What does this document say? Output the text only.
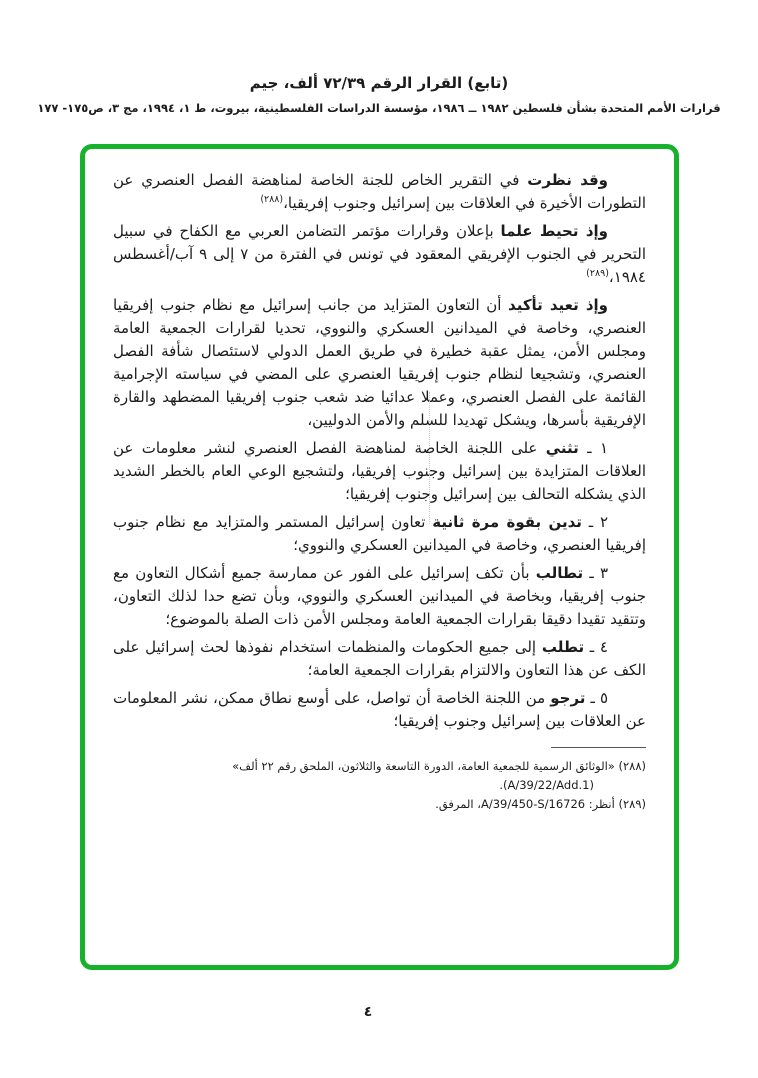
(تابع) القرار الرقم ٧٢/٣٩ ألف، جيم
قرارات الأمم المتحدة بشأن فلسطين ١٩٨٢ ــ ١٩٨٦، مؤسسة الدراسات الفلسطينية، بيروت، ط ١، ١٩٩٤، مج ٣، ص١٧٥- ١٧٧

وقد نظرت في التقرير الخاص للجنة الخاصة لمناهضة الفصل العنصري عن التطورات الأخيرة في العلاقات بين إسرائيل وجنوب إفريقيا،$^{(٢٨٨)}$

وإذ تحيط علما بإعلان وقرارات مؤتمر التضامن العربي مع الكفاح في سبيل التحرير في الجنوب الإفريقي المعقود في تونس في الفترة من ٧ إلى ٩ آب/أغسطس ١٩٨٤،$^{(٢٨٩)}$

وإذ تعيد تأكيد أن التعاون المتزايد من جانب إسرائيل مع نظام جنوب إفريقيا العنصري، وخاصة في الميدانين العسكري والنووي، تحديا لقرارات الجمعية العامة ومجلس الأمن، يمثل عقبة خطيرة في طريق العمل الدولي لاستئصال شأفة الفصل العنصري، وتشجيعا لنظام جنوب إفريقيا العنصري على المضي في سياسته الإجرامية القائمة على الفصل العنصري، وعملا عدائيا ضد شعب جنوب إفريقيا المضطهد والقارة الإفريقية بأسرها، ويشكل تهديدا للسلم والأمن الدوليين،

١ ـ تثني على اللجنة الخاصة لمناهضة الفصل العنصري لنشر معلومات عن العلاقات المتزايدة بين إسرائيل وجنوب إفريقيا، ولتشجيع الوعي العام بالخطر الشديد الذي يشكله التحالف بين إسرائيل وجنوب إفريقيا؛

٢ ـ تدين بقوة مرة ثانية تعاون إسرائيل المستمر والمتزايد مع نظام جنوب إفريقيا العنصري، وخاصة في الميدانين العسكري والنووي؛

٣ ـ تطالب بأن تكف إسرائيل على الفور عن ممارسة جميع أشكال التعاون مع جنوب إفريقيا، وبخاصة في الميدانين العسكري والنووي، وبأن تضع حدا لذلك التعاون، وتتقيد تقيدا دقيقا بقرارات الجمعية العامة ومجلس الأمن ذات الصلة بالموضوع؛

٤ ـ تطلب إلى جميع الحكومات والمنظمات استخدام نفوذها لحث إسرائيل على الكف عن هذا التعاون والالتزام بقرارات الجمعية العامة؛

٥ ـ ترجو من اللجنة الخاصة أن تواصل، على أوسع نطاق ممكن، نشر المعلومات عن العلاقات بين إسرائيل وجنوب إفريقيا؛

(٢٨٨) «الوثائق الرسمية للجمعية العامة، الدورة التاسعة والثلاثون، الملحق رقم ٢٢ ألف» (A/39/22/Add.1).

(٢٨٩) أنظر: A/39/450-S/16726، المرفق.

٤
